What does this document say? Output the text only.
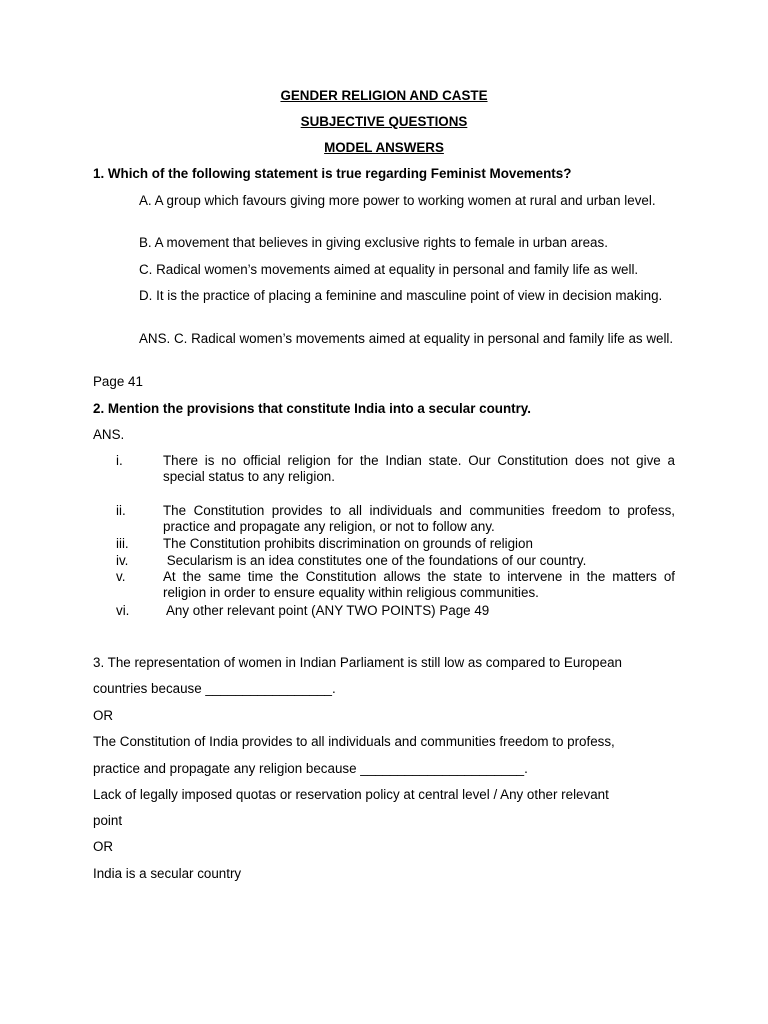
GENDER RELIGION AND CASTE
SUBJECTIVE QUESTIONS
MODEL ANSWERS
1. Which of the following statement is true regarding Feminist Movements?
A. A group which favours giving more power to working women at rural and urban level.
B. A movement that believes in giving exclusive rights to female in urban areas.
C. Radical women’s movements aimed at equality in personal and family life as well.
D. It is the practice of placing a feminine and masculine point of view in decision making.
ANS. C. Radical women’s movements aimed at equality in personal and family life as well.
Page 41
2. Mention the provisions that constitute India into a secular country.
ANS.
i.	There is no official religion for the Indian state. Our Constitution does not give a special status to any religion.
ii.	The Constitution provides to all individuals and communities freedom to profess, practice and propagate any religion, or not to follow any.
iii.	The Constitution prohibits discrimination on grounds of religion
iv.	Secularism is an idea constitutes one of the foundations of our country.
v.	At the same time the Constitution allows the state to intervene in the matters of religion in order to ensure equality within religious communities.
vi.	Any other relevant point (ANY TWO POINTS) Page 49
3. The representation of women in Indian Parliament is still low as compared to European
countries because _________________.
OR
The Constitution of India provides to all individuals and communities freedom to profess,
practice and propagate any religion because ______________________.
Lack of legally imposed quotas or reservation policy at central level / Any other relevant
point
OR
India is a secular country
